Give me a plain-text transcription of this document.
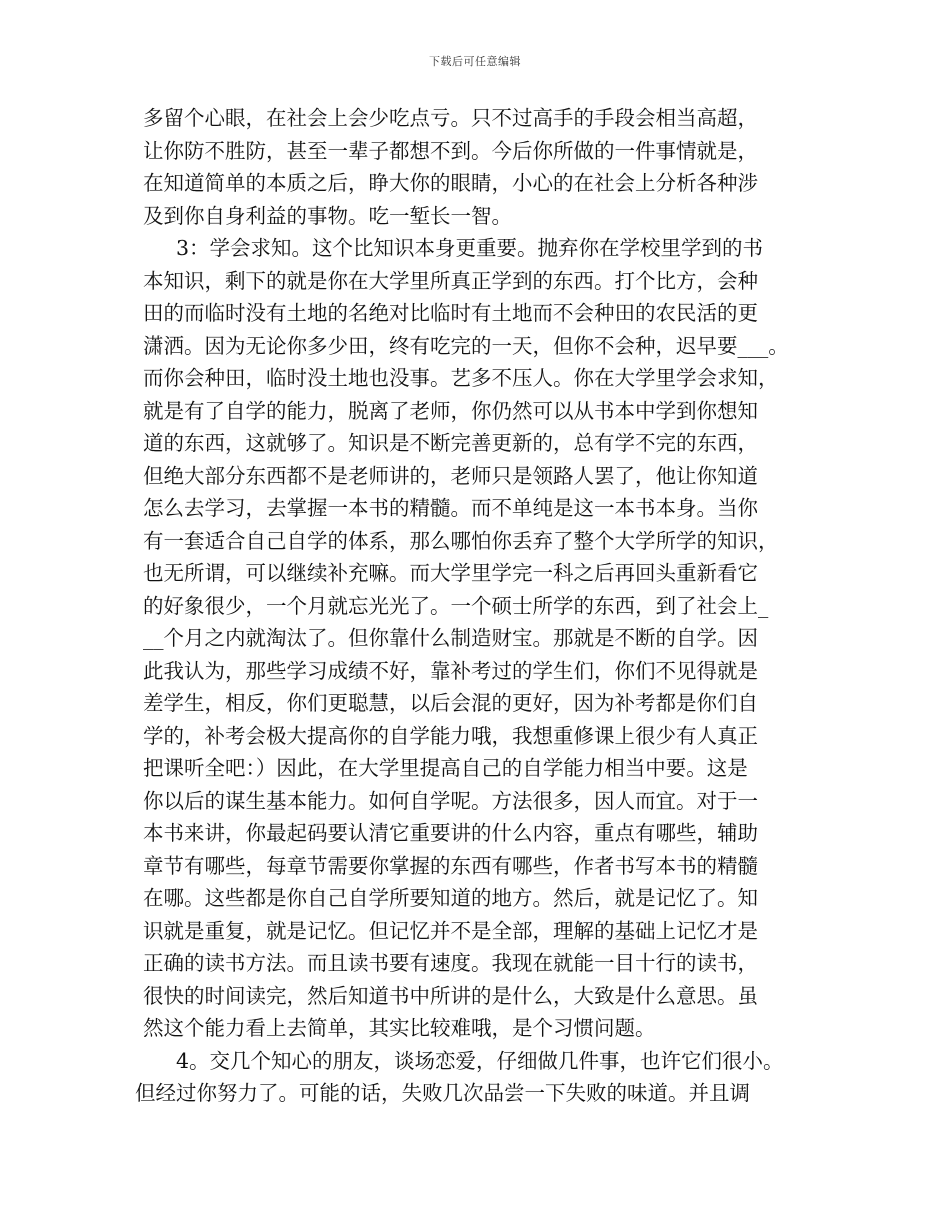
下载后可任意编辑
多留个心眼，在社会上会少吃点亏。只不过高手的手段会相当高超，
让你防不胜防，甚至一辈子都想不到。今后你所做的一件事情就是，
在知道简单的本质之后，睁大你的眼睛，小心的在社会上分析各种涉
及到你自身利益的事物。吃一堑长一智。
3：学会求知。这个比知识本身更重要。抛弃你在学校里学到的书
本知识，剩下的就是你在大学里所真正学到的东西。打个比方，会种
田的而临时没有土地的名绝对比临时有土地而不会种田的农民活的更
潇洒。因为无论你多少田，终有吃完的一天，但你不会种，迟早要___。
而你会种田，临时没土地也没事。艺多不压人。你在大学里学会求知，
就是有了自学的能力，脱离了老师，你仍然可以从书本中学到你想知
道的东西，这就够了。知识是不断完善更新的，总有学不完的东西，
但绝大部分东西都不是老师讲的，老师只是领路人罢了，他让你知道
怎么去学习，去掌握一本书的精髓。而不单纯是这一本书本身。当你
有一套适合自己自学的体系，那么哪怕你丢弃了整个大学所学的知识，
也无所谓，可以继续补充嘛。而大学里学完一科之后再回头重新看它
的好象很少，一个月就忘光光了。一个硕士所学的东西，到了社会上_
__个月之内就淘汰了。但你靠什么制造财宝。那就是不断的自学。因
此我认为，那些学习成绩不好，靠补考过的学生们，你们不见得就是
差学生，相反，你们更聪慧，以后会混的更好，因为补考都是你们自
学的，补考会极大提高你的自学能力哦，我想重修课上很少有人真正
把课听全吧：）因此，在大学里提高自己的自学能力相当中要。这是
你以后的谋生基本能力。如何自学呢。方法很多，因人而宜。对于一
本书来讲，你最起码要认清它重要讲的什么内容，重点有哪些，辅助
章节有哪些，每章节需要你掌握的东西有哪些，作者书写本书的精髓
在哪。这些都是你自己自学所要知道的地方。然后，就是记忆了。知
识就是重复，就是记忆。但记忆并不是全部，理解的基础上记忆才是
正确的读书方法。而且读书要有速度。我现在就能一目十行的读书，
很快的时间读完，然后知道书中所讲的是什么，大致是什么意思。虽
然这个能力看上去简单，其实比较难哦，是个习惯问题。
4。交几个知心的朋友，谈场恋爱，仔细做几件事，也许它们很小。
但经过你努力了。可能的话，失败几次品尝一下失败的味道。并且调
